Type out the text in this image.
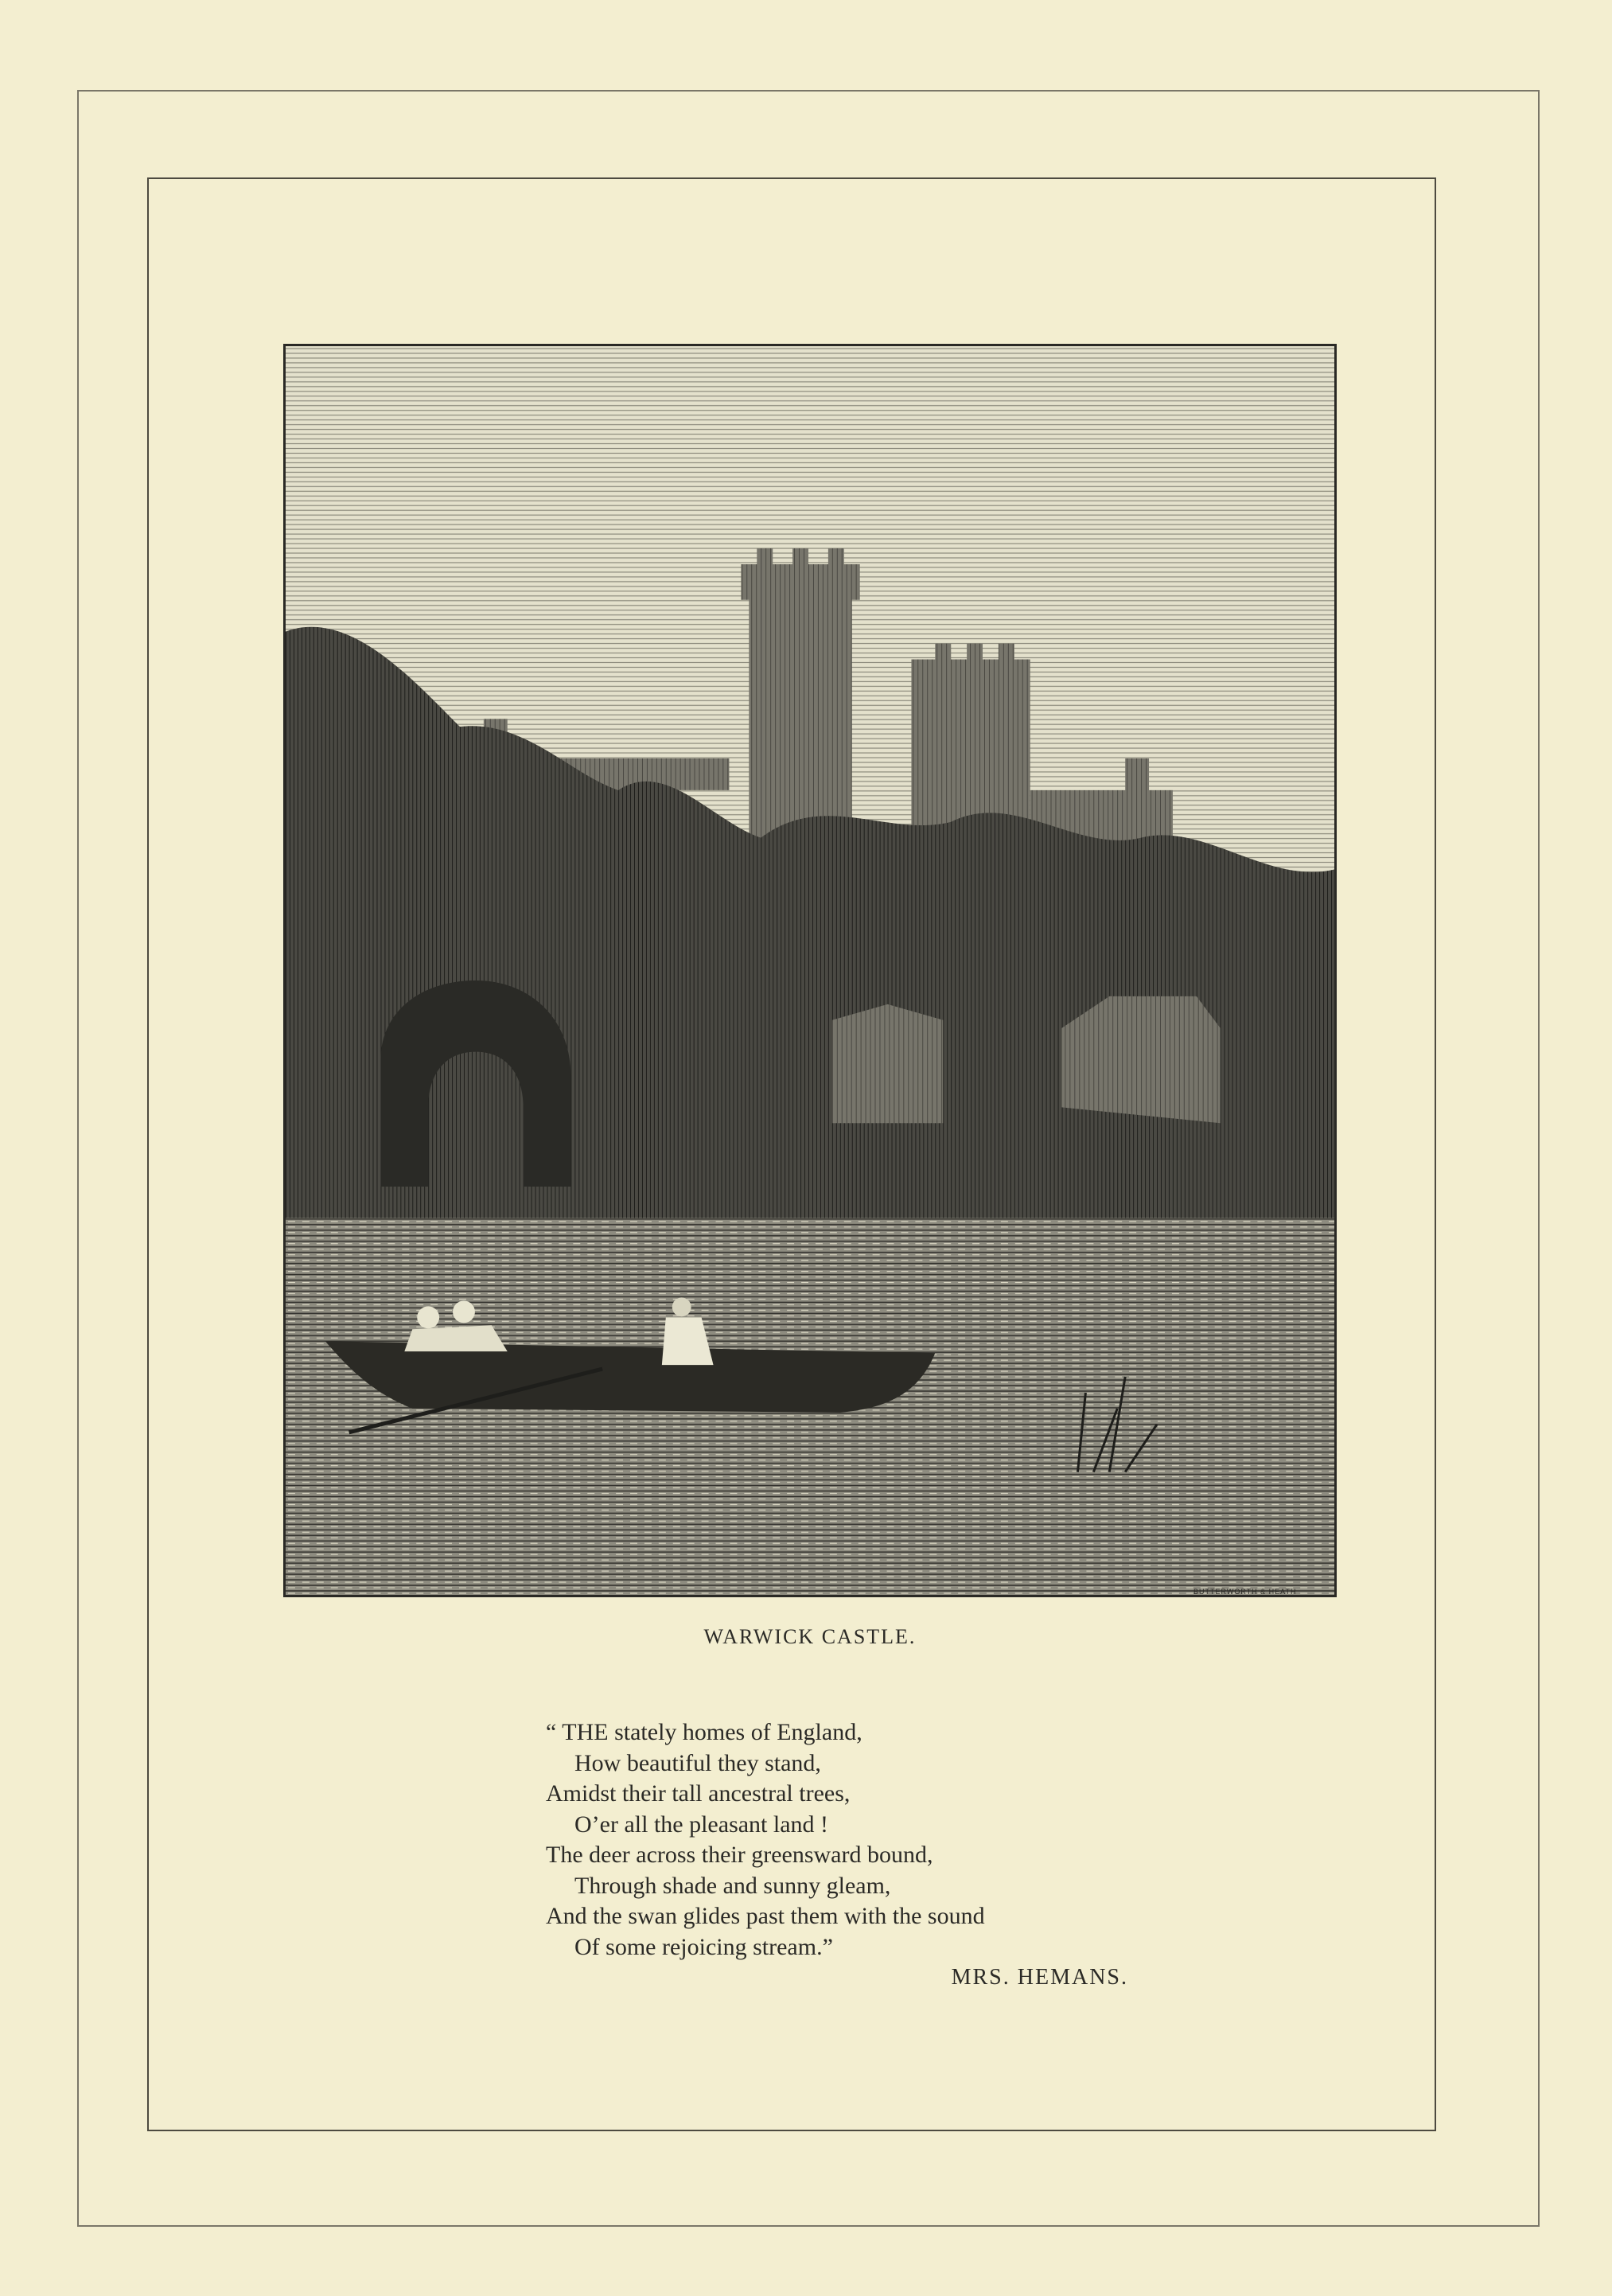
WARWICK CASTLE.
“ THE stately homes of England,
How beautiful they stand,
Amidst their tall ancestral trees,
O’er all the pleasant land !
The deer across their greensward bound,
Through shade and sunny gleam,
And the swan glides past them with the sound
Of some rejoicing stream.”
MRS. HEMANS.
BUTTERWORTH & HEATH
